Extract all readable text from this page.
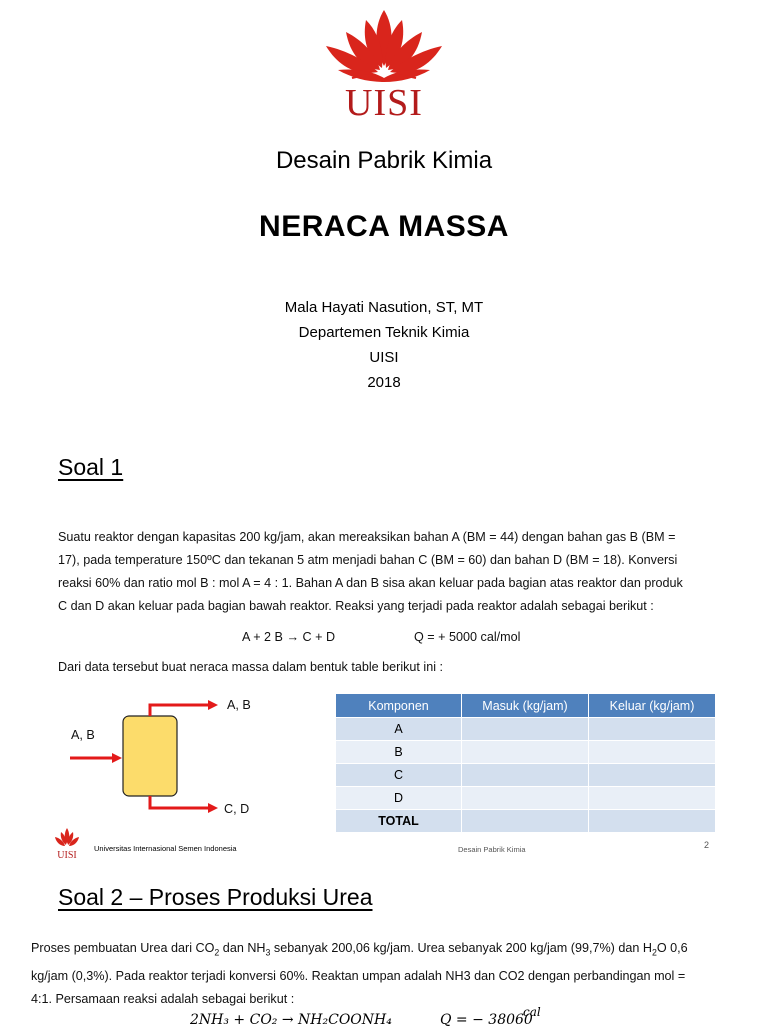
UISI
Desain Pabrik Kimia
NERACA MASSA
Mala Hayati Nasution, ST, MT
Departemen Teknik Kimia
UISI
2018
Soal 1
Suatu reaktor dengan kapasitas 200 kg/jam, akan mereaksikan bahan A (BM = 44) dengan bahan gas B (BM =
17), pada temperature 150ºC dan tekanan 5 atm menjadi bahan C (BM = 60) dan bahan D (BM = 18). Konversi
reaksi 60% dan ratio mol B : mol A = 4 : 1. Bahan A dan B sisa akan keluar pada bagian atas reaktor dan produk
C dan D akan keluar pada bagian bawah reaktor. Reaksi yang terjadi pada reaktor adalah sebagai berikut :
A + 2 B → C + D	Q = + 5000 cal/mol
Dari data tersebut buat neraca massa dalam bentuk table berikut ini :
A, B
A, B
C, D
Komponen	Masuk (kg/jam)	Keluar (kg/jam)
A		
B		
C		
D		
TOTAL		
UISI
Universitas Internasional Semen Indonesia	Desain Pabrik Kimia	2
Soal 2 – Proses Produksi Urea
Proses pembuatan Urea dari $CO_2$ dan $NH_3$ sebanyak 200,06 kg/jam. Urea sebanyak 200 kg/jam (99,7%) dan $H_2O$ 0,6
kg/jam (0,3%). Pada reaktor terjadi konversi 60%. Reaktan umpan adalah NH3 dan CO2 dengan perbandingan mol =
4:1. Persamaan reaksi adalah sebagai berikut :
2NH₃ + CO₂ → NH₂COONH₄	Q = − 38060
cal
